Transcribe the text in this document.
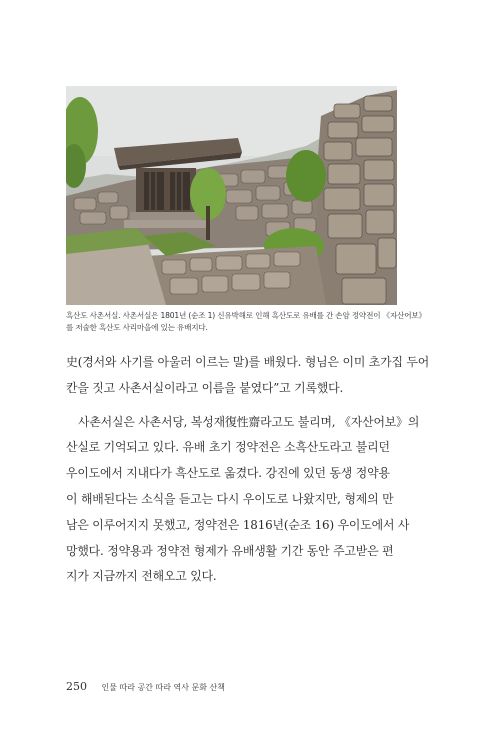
흑산도 사촌서실. 사촌서실은 1801년 (순조 1) 신유박해로 인해 흑산도로 유배를 간 손암 정약전이 《자산어보》

를 저술한 흑산도 사리마을에 있는 유배지다.

史(경서와 사기를 아울러 이르는 말)를 배웠다. 형님은 이미 초가집 두어

칸을 짓고 사촌서실이라고 이름을 붙였다”고 기록했다.

사촌서실은 사촌서당, 복성재復性齋라고도 불리며, 《자산어보》의

산실로 기억되고 있다. 유배 초기 정약전은 소흑산도라고 불리던

우이도에서 지내다가 흑산도로 옮겼다. 강진에 있던 동생 정약용

이 해배된다는 소식을 듣고는 다시 우이도로 나왔지만, 형제의 만

남은 이루어지지 못했고, 정약전은 1816년(순조 16) 우이도에서 사

망했다. 정약용과 정약전 형제가 유배생활 기간 동안 주고받은 편

지가 지금까지 전해오고 있다.

250 인물 따라 공간 따라 역사 문화 산책
